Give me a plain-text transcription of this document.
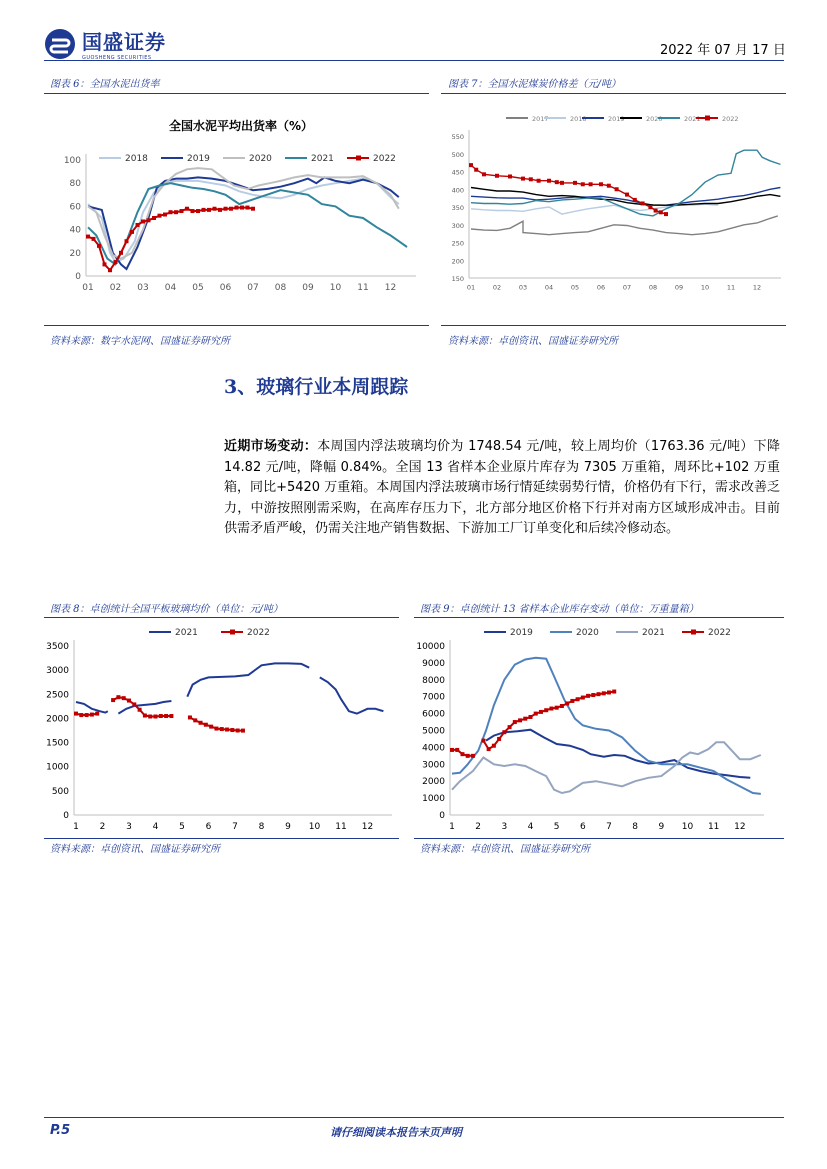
国盛证券
GUOSHENG SECURITIES	2022 年 07 月 17 日
图表 6：全国水泥出货率
全国水泥平均出货率（%）
0
20
40
60
80
100
01 02 03 04 05 06 07 08 09 10 11 12
2018	2019	2020	2021	2022
资料来源：数字水泥网、国盛证券研究所
图表 7：全国水泥煤炭价格差（元/吨）
150
200
250
300
350
400
450
500
550
01	02	03	04	05	06	07	08	09	10	11	12
2017	2018	2019	2020	2021	2022
资料来源：卓创资讯、国盛证券研究所
3、玻璃行业本周跟踪
近期市场变动：本周国内浮法玻璃均价为 1748.54 元/吨，较上周均价（1763.36 元/吨）下降 14.82 元/吨，降幅 0.84%。全国 13 省样本企业原片库存为 7305 万重箱，周环比+102 万重箱，同比+5420 万重箱。本周国内浮法玻璃市场行情延续弱势行情，价格仍有下行，需求改善乏力，中游按照刚需采购，在高库存压力下，北方部分地区价格下行并对南方区域形成冲击。目前供需矛盾严峻，仍需关注地产销售数据、下游加工厂订单变化和后续冷修动态。
图表 8：卓创统计全国平板玻璃均价（单位：元/吨）
0
500
1000
1500
2000
2500
3000
3500
1 2 3 4 5 6 7 8 9 10 11 12
2021	2022
资料来源：卓创资讯、国盛证券研究所
图表 9：卓创统计 13 省样本企业库存变动（单位：万重量箱）
0
1000
2000
3000
4000
5000
6000
7000
8000
9000
10000
1 2 3 4 5 6 7 8 9 10 11 12
2019	2020	2021	2022
资料来源：卓创资讯、国盛证券研究所
P.5	请仔细阅读本报告末页声明
